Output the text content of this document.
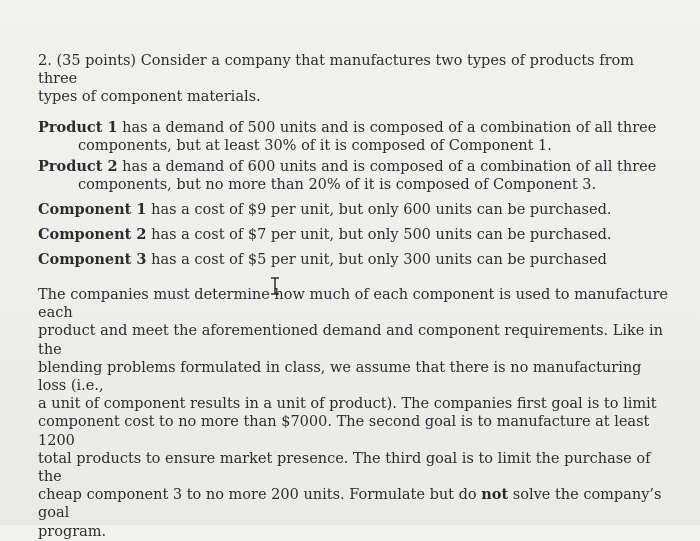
2. (35 points) Consider a company that manufactures two types of products from three
types of component materials.
Product 1 has a demand of 500 units and is composed of a combination of all three
components, but at least 30% of it is composed of Component 1.
Product 2 has a demand of 600 units and is composed of a combination of all three
components, but no more than 20% of it is composed of Component 3.
Component 1 has a cost of $9 per unit, but only 600 units can be purchased.
Component 2 has a cost of $7 per unit, but only 500 units can be purchased.
Component 3 has a cost of $5 per unit, but only 300 units can be purchased
The companies must determine how much of each component is used to manufacture each
product and meet the aforementioned demand and component requirements. Like in the
blending problems formulated in class, we assume that there is no manufacturing loss (i.e.,
a unit of component results in a unit of product). The companies first goal is to limit
component cost to no more than $7000. The second goal is to manufacture at least 1200
total products to ensure market presence. The third goal is to limit the purchase of the
cheap component 3 to no more 200 units. Formulate but do not solve the company’s goal
program.
